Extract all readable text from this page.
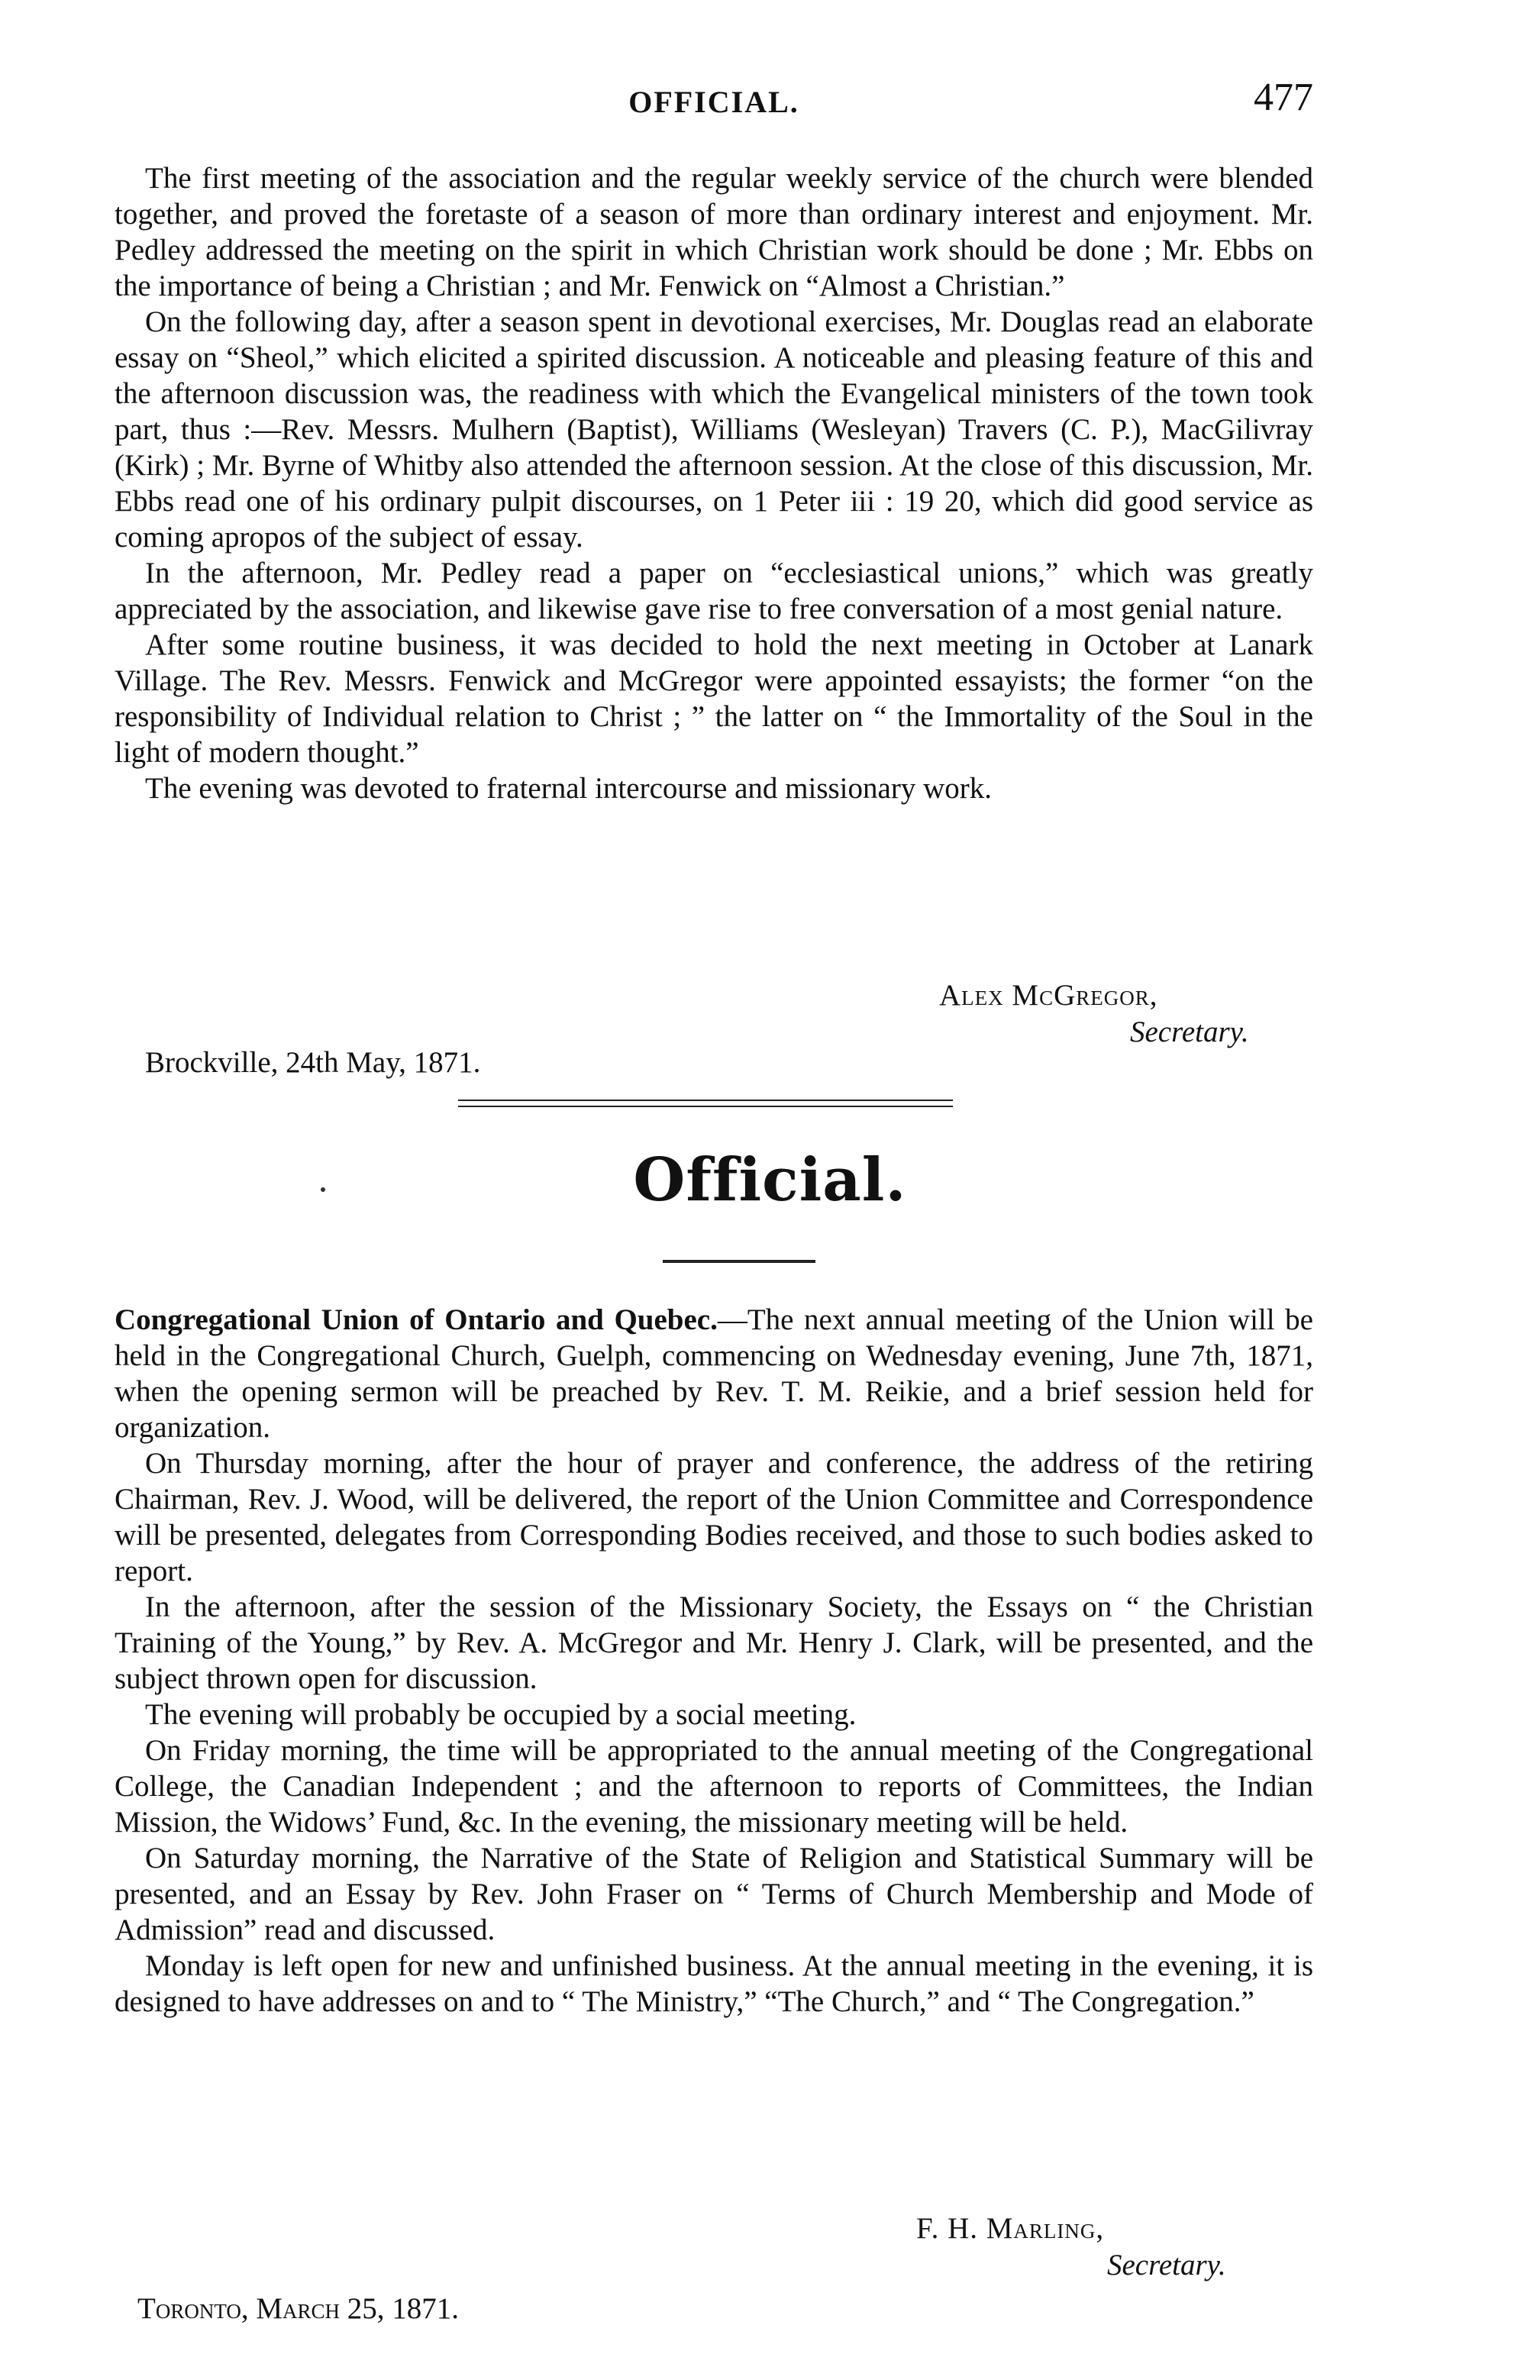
OFFICIAL.	477

The first meeting of the association and the regular weekly service of the church were blended together, and proved the foretaste of a season of more than ordinary interest and enjoyment. Mr. Pedley addressed the meeting on the spirit in which Christian work should be done ; Mr. Ebbs on the importance of being a Christian ; and Mr. Fenwick on “Almost a Christian.”

On the following day, after a season spent in devotional exercises, Mr. Douglas read an elaborate essay on “Sheol,” which elicited a spirited discussion. A noticeable and pleasing feature of this and the afternoon discussion was, the readiness with which the Evangelical ministers of the town took part, thus :—Rev. Messrs. Mulhern (Baptist), Williams (Wesleyan) Travers (C. P.), MacGilivray (Kirk) ; Mr. Byrne of Whitby also attended the afternoon session. At the close of this discussion, Mr. Ebbs read one of his ordinary pulpit discourses, on 1 Peter iii : 19 20, which did good service as coming apropos of the subject of essay.

In the afternoon, Mr. Pedley read a paper on “ecclesiastical unions,” which was greatly appreciated by the association, and likewise gave rise to free conversation of a most genial nature.

After some routine business, it was decided to hold the next meeting in October at Lanark Village. The Rev. Messrs. Fenwick and McGregor were appointed essayists; the former “on the responsibility of Individual relation to Christ ; ” the latter on “ the Immortality of the Soul in the light of modern thought.”

The evening was devoted to fraternal intercourse and missionary work.

Alex McGregor,
Secretary.
Brockville, 24th May, 1871.
Official.

Congregational Union of Ontario and Quebec.—The next annual meeting of the Union will be held in the Congregational Church, Guelph, commencing on Wednesday evening, June 7th, 1871, when the opening sermon will be preached by Rev. T. M. Reikie, and a brief session held for organization.

On Thursday morning, after the hour of prayer and conference, the address of the retiring Chairman, Rev. J. Wood, will be delivered, the report of the Union Committee and Correspondence will be presented, delegates from Corresponding Bodies received, and those to such bodies asked to report.

In the afternoon, after the session of the Missionary Society, the Essays on “ the Christian Training of the Young,” by Rev. A. McGregor and Mr. Henry J. Clark, will be presented, and the subject thrown open for discussion.

The evening will probably be occupied by a social meeting.

On Friday morning, the time will be appropriated to the annual meeting of the Congregational College, the Canadian Independent ; and the afternoon to reports of Committees, the Indian Mission, the Widows’ Fund, &c. In the evening, the missionary meeting will be held.

On Saturday morning, the Narrative of the State of Religion and Statistical Summary will be presented, and an Essay by Rev. John Fraser on “ Terms of Church Membership and Mode of Admission” read and discussed.

Monday is left open for new and unfinished business. At the annual meeting in the evening, it is designed to have addresses on and to “ The Ministry,” “The Church,” and “ The Congregation.”

F. H. Marling,
Secretary.
Toronto, March 25, 1871.
